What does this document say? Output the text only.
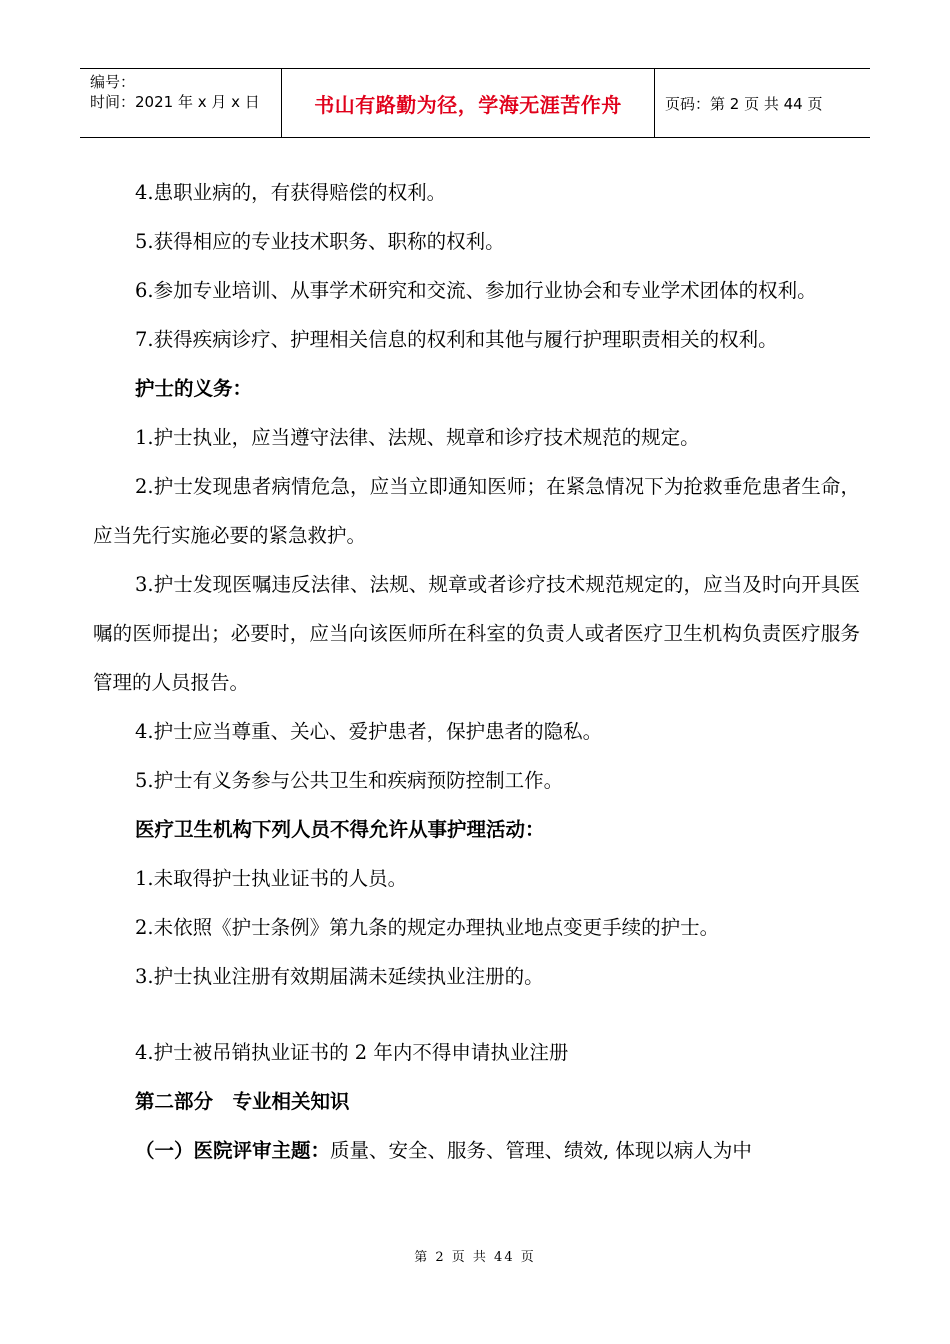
编号：
时间：2021 年 x 月 x 日	书山有路勤为径，学海无涯苦作舟	页码：第 2 页 共 44 页

4.患职业病的，有获得赔偿的权利。

5.获得相应的专业技术职务、职称的权利。

6.参加专业培训、从事学术研究和交流、参加行业协会和专业学术团体的权利。

7.获得疾病诊疗、护理相关信息的权利和其他与履行护理职责相关的权利。

护士的义务：

1.护士执业，应当遵守法律、法规、规章和诊疗技术规范的规定。

2.护士发现患者病情危急，应当立即通知医师；在紧急情况下为抢救垂危患者生命，应当先行实施必要的紧急救护。

3.护士发现医嘱违反法律、法规、规章或者诊疗技术规范规定的，应当及时向开具医嘱的医师提出；必要时，应当向该医师所在科室的负责人或者医疗卫生机构负责医疗服务管理的人员报告。

4.护士应当尊重、关心、爱护患者，保护患者的隐私。

5.护士有义务参与公共卫生和疾病预防控制工作。

医疗卫生机构下列人员不得允许从事护理活动：

1.未取得护士执业证书的人员。

2.未依照《护士条例》第九条的规定办理执业地点变更手续的护士。

3.护士执业注册有效期届满未延续执业注册的。

4.护士被吊销执业证书的 2 年内不得申请执业注册

第二部分　专业相关知识

（一）医院评审主题：质量、安全、服务、管理、绩效, 体现以病人为中

第 2 页 共 44 页
